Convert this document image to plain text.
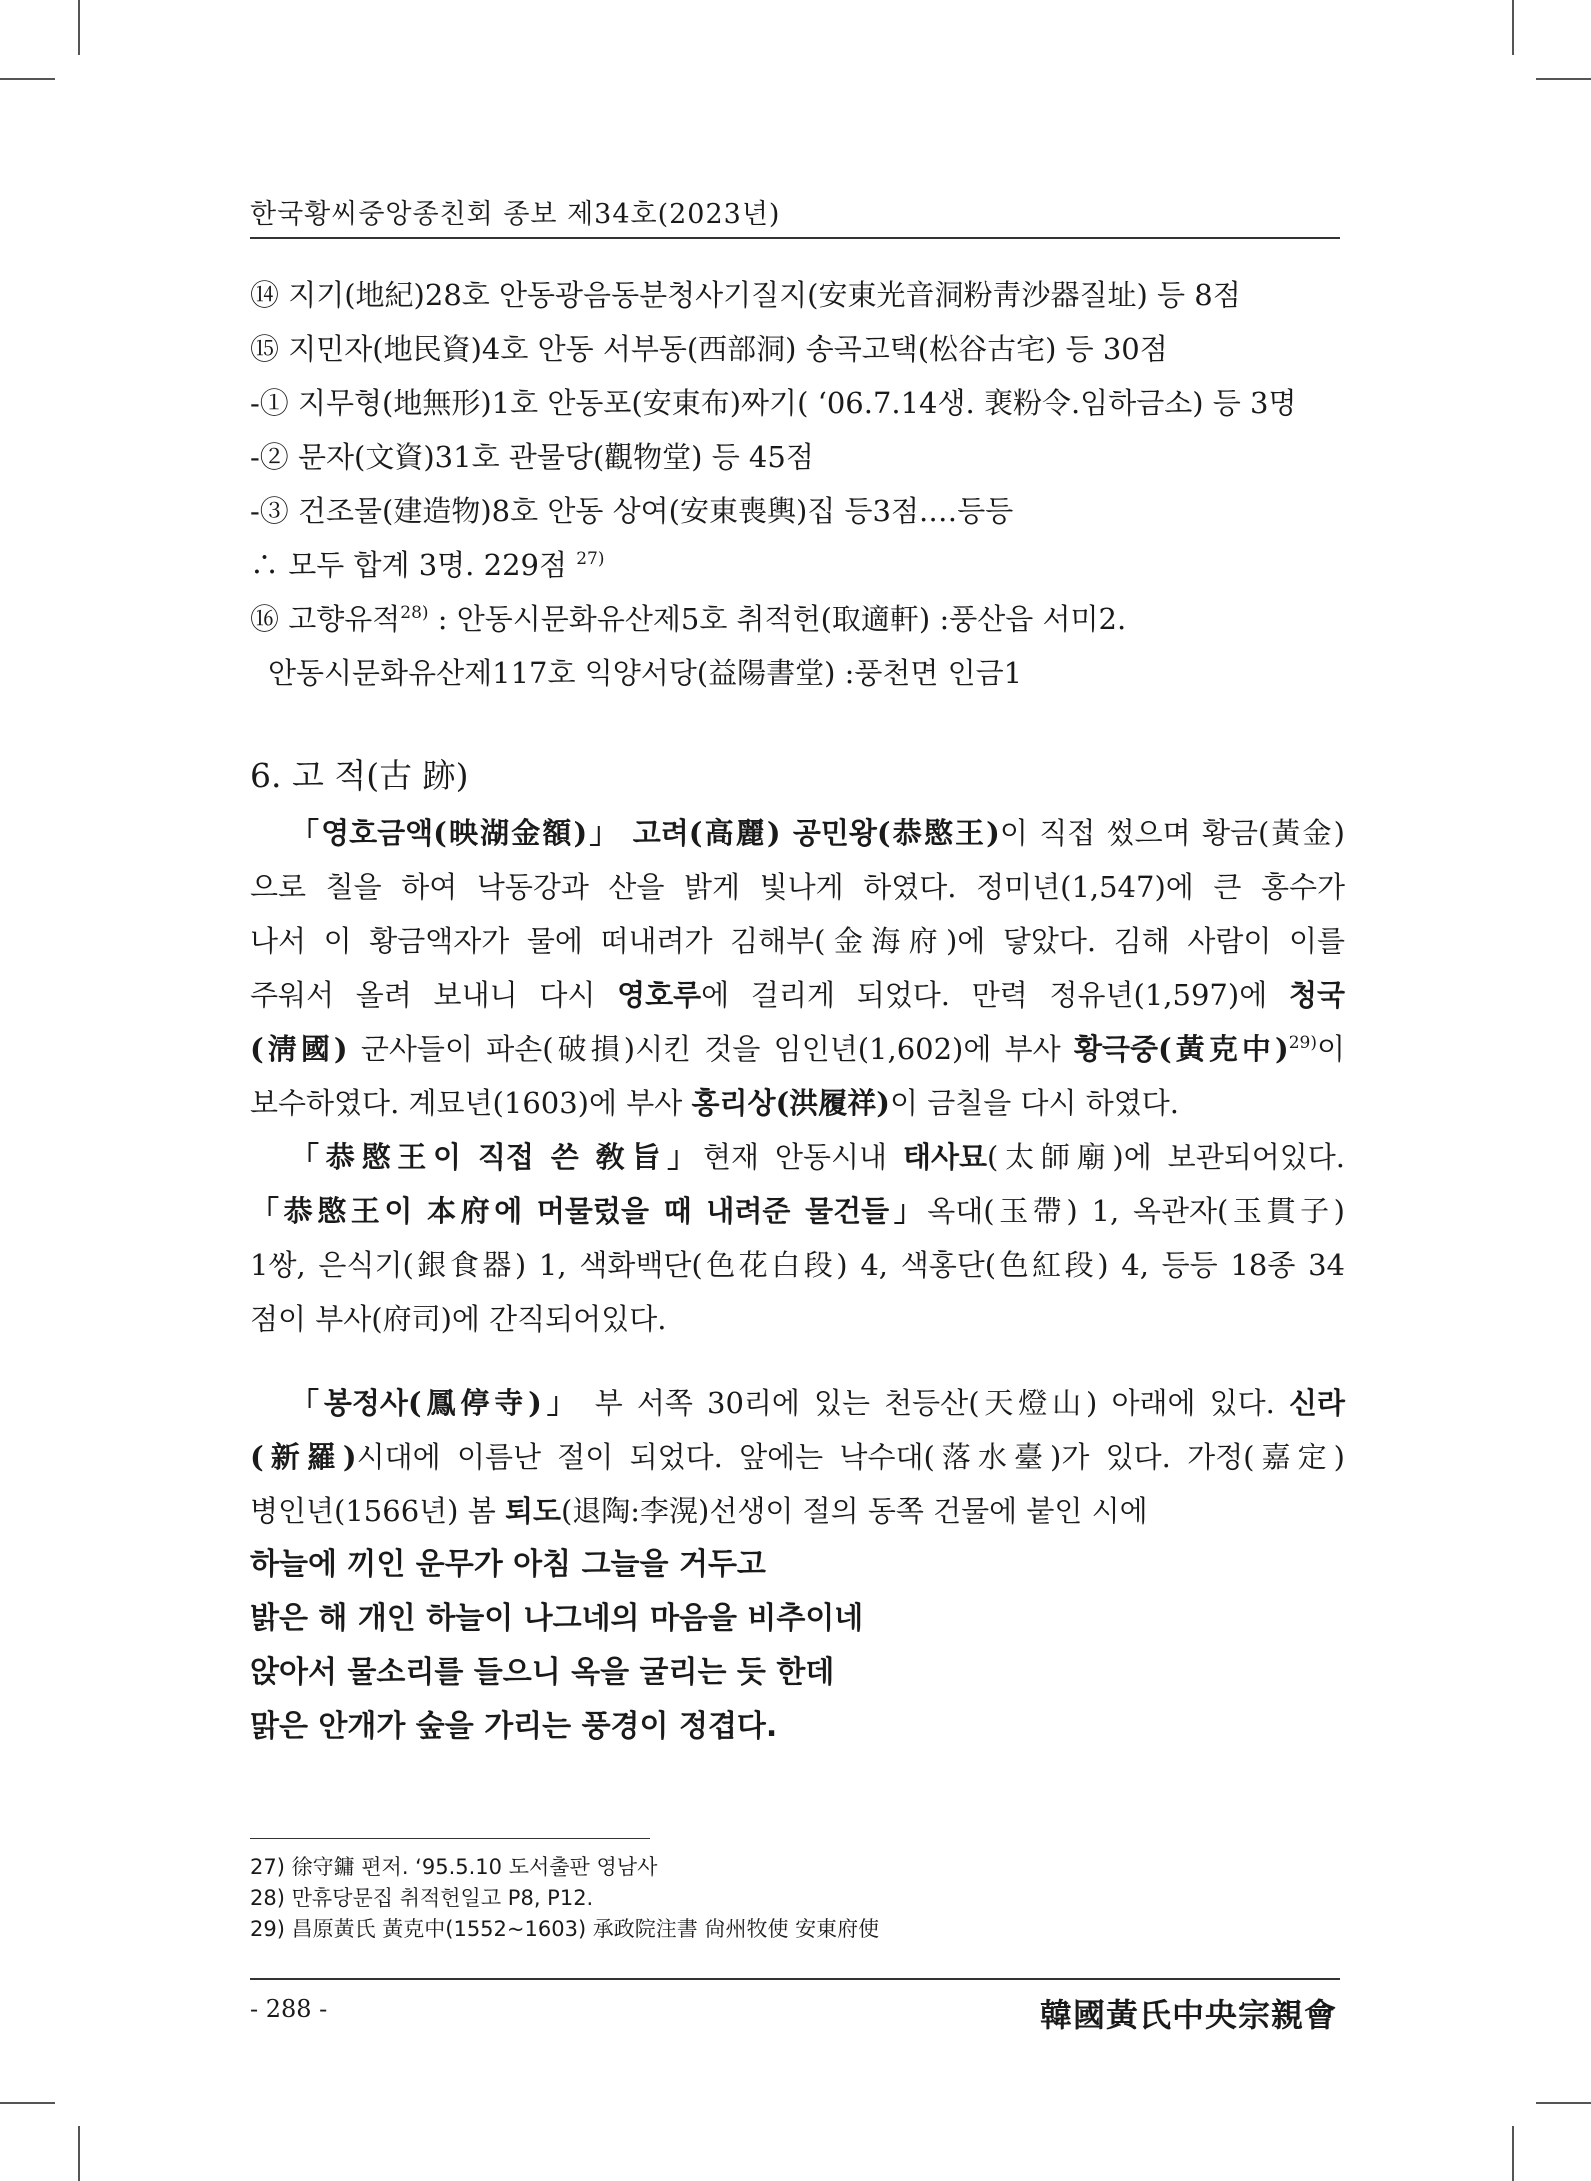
한국황씨중앙종친회 종보 제34호(2023년)
⑭ 지기(地紀)28호 안동광음동분청사기질지(安東光音洞粉靑沙器질址) 등 8점
⑮ 지민자(地民資)4호 안동 서부동(西部洞) 송곡고택(松谷古宅) 등 30점
-① 지무형(地無形)1호 안동포(安東布)짜기( ‘06.7.14생. 裵粉令.임하금소) 등 3명
-② 문자(文資)31호 관물당(觀物堂) 등 45점
-③ 건조물(建造物)8호 안동 상여(安東喪輿)집 등3점.…등등
∴ 모두 합계 3명. 229점 $^{27)}$
⑯ 고향유적$^{28)}$ : 안동시문화유산제5호 취적헌(取適軒) :풍산읍 서미2.
안동시문화유산제117호 익양서당(益陽書堂) :풍천면 인금1
6. 고 적(古 跡)
「영호금액(映湖金額)」 고려(高麗) 공민왕(恭愍王)이 직접 썼으며 황금(黃金)
으로 칠을 하여 낙동강과 산을 밝게 빛나게 하였다. 정미년(1,547)에 큰 홍수가
나서 이 황금액자가 물에 떠내려가 김해부(金海府)에 닿았다. 김해 사람이 이를
주워서 올려 보내니 다시 영호루에 걸리게 되었다. 만력 정유년(1,597)에 청국
(淸國) 군사들이 파손(破損)시킨 것을 임인년(1,602)에 부사 황극중(黃克中)$^{29)}$이
보수하였다. 계묘년(1603)에 부사 홍리상(洪履祥)이 금칠을 다시 하였다.
「恭愍王이 직접 쓴 敎旨」현재 안동시내 태사묘(太師廟)에 보관되어있다.
「恭愍王이 本府에 머물렀을 때 내려준 물건들」옥대(玉帶) 1, 옥관자(玉貫子)
1쌍, 은식기(銀食器) 1, 색화백단(色花白段) 4, 색홍단(色紅段) 4, 등등 18종 34
점이 부사(府司)에 간직되어있다.
「봉정사(鳳停寺)」 부 서쪽 30리에 있는 천등산(天燈山) 아래에 있다. 신라
(新羅)시대에 이름난 절이 되었다. 앞에는 낙수대(落水臺)가 있다. 가정(嘉定)
병인년(1566년) 봄 퇴도(退陶:李滉)선생이 절의 동쪽 건물에 붙인 시에
하늘에 끼인 운무가 아침 그늘을 거두고
밝은 해 개인 하늘이 나그네의 마음을 비추이네
앉아서 물소리를 들으니 옥을 굴리는 듯 한데
맑은 안개가 숲을 가리는 풍경이 정겹다.
27) 徐守鏞 편저. ‘95.5.10 도서출판 영남사
28) 만휴당문집 취적헌일고 P8, P12.
29) 昌原黃氏 黃克中(1552~1603) 承政院注書 尙州牧使 安東府使
- 288 -	韓國黃氏中央宗親會
